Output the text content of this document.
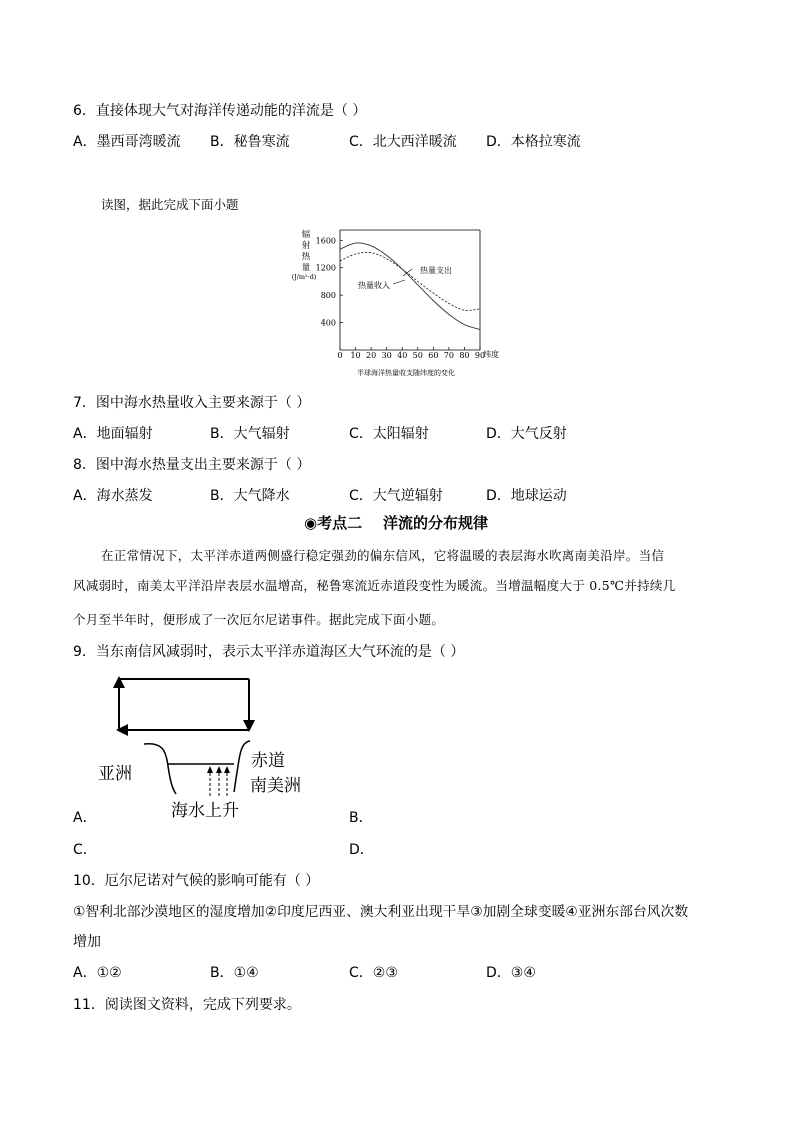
6．直接体现大气对海洋传递动能的洋流是（ ）
A．墨西哥湾暖流 B．秘鲁寒流	C．北大西洋暖流 D．本格拉寒流
读图，据此完成下面小题
辐
射
热
量
(J/m²·d)
400
800
1200
1600
0 10 20 30 40 50 60 70 80 90
热量支出
热量收入
纬度
半球海洋热量收支随纬度的变化
7．图中海水热量收入主要来源于（ ）
A．地面辐射	B．大气辐射	C．太阳辐射	D．大气反射
8．图中海水热量支出主要来源于（ ）
A．海水蒸发	B．大气降水	C．大气逆辐射	D．地球运动
◉考点二    洋流的分布规律
在正常情况下，太平洋赤道两侧盛行稳定强劲的偏东信风，它将温暖的表层海水吹离南美沿岸。当信
风减弱时，南美太平洋沿岸表层水温增高，秘鲁寒流近赤道段变性为暖流。当增温幅度大于 0.5℃并持续几
个月至半年时，便形成了一次厄尔尼诺事件。据此完成下面小题。
9．当东南信风减弱时，表示太平洋赤道海区大气环流的是（ ）
亚洲
赤道
南美洲
海水上升
A．	B．
C．	D．
10．厄尔尼诺对气候的影响可能有（ ）
①智利北部沙漠地区的湿度增加②印度尼西亚、澳大利亚出现干旱③加剧全球变暖④亚洲东部台风次数
增加
A．①②	B．①④	C．②③	D．③④
11．阅读图文资料，完成下列要求。
